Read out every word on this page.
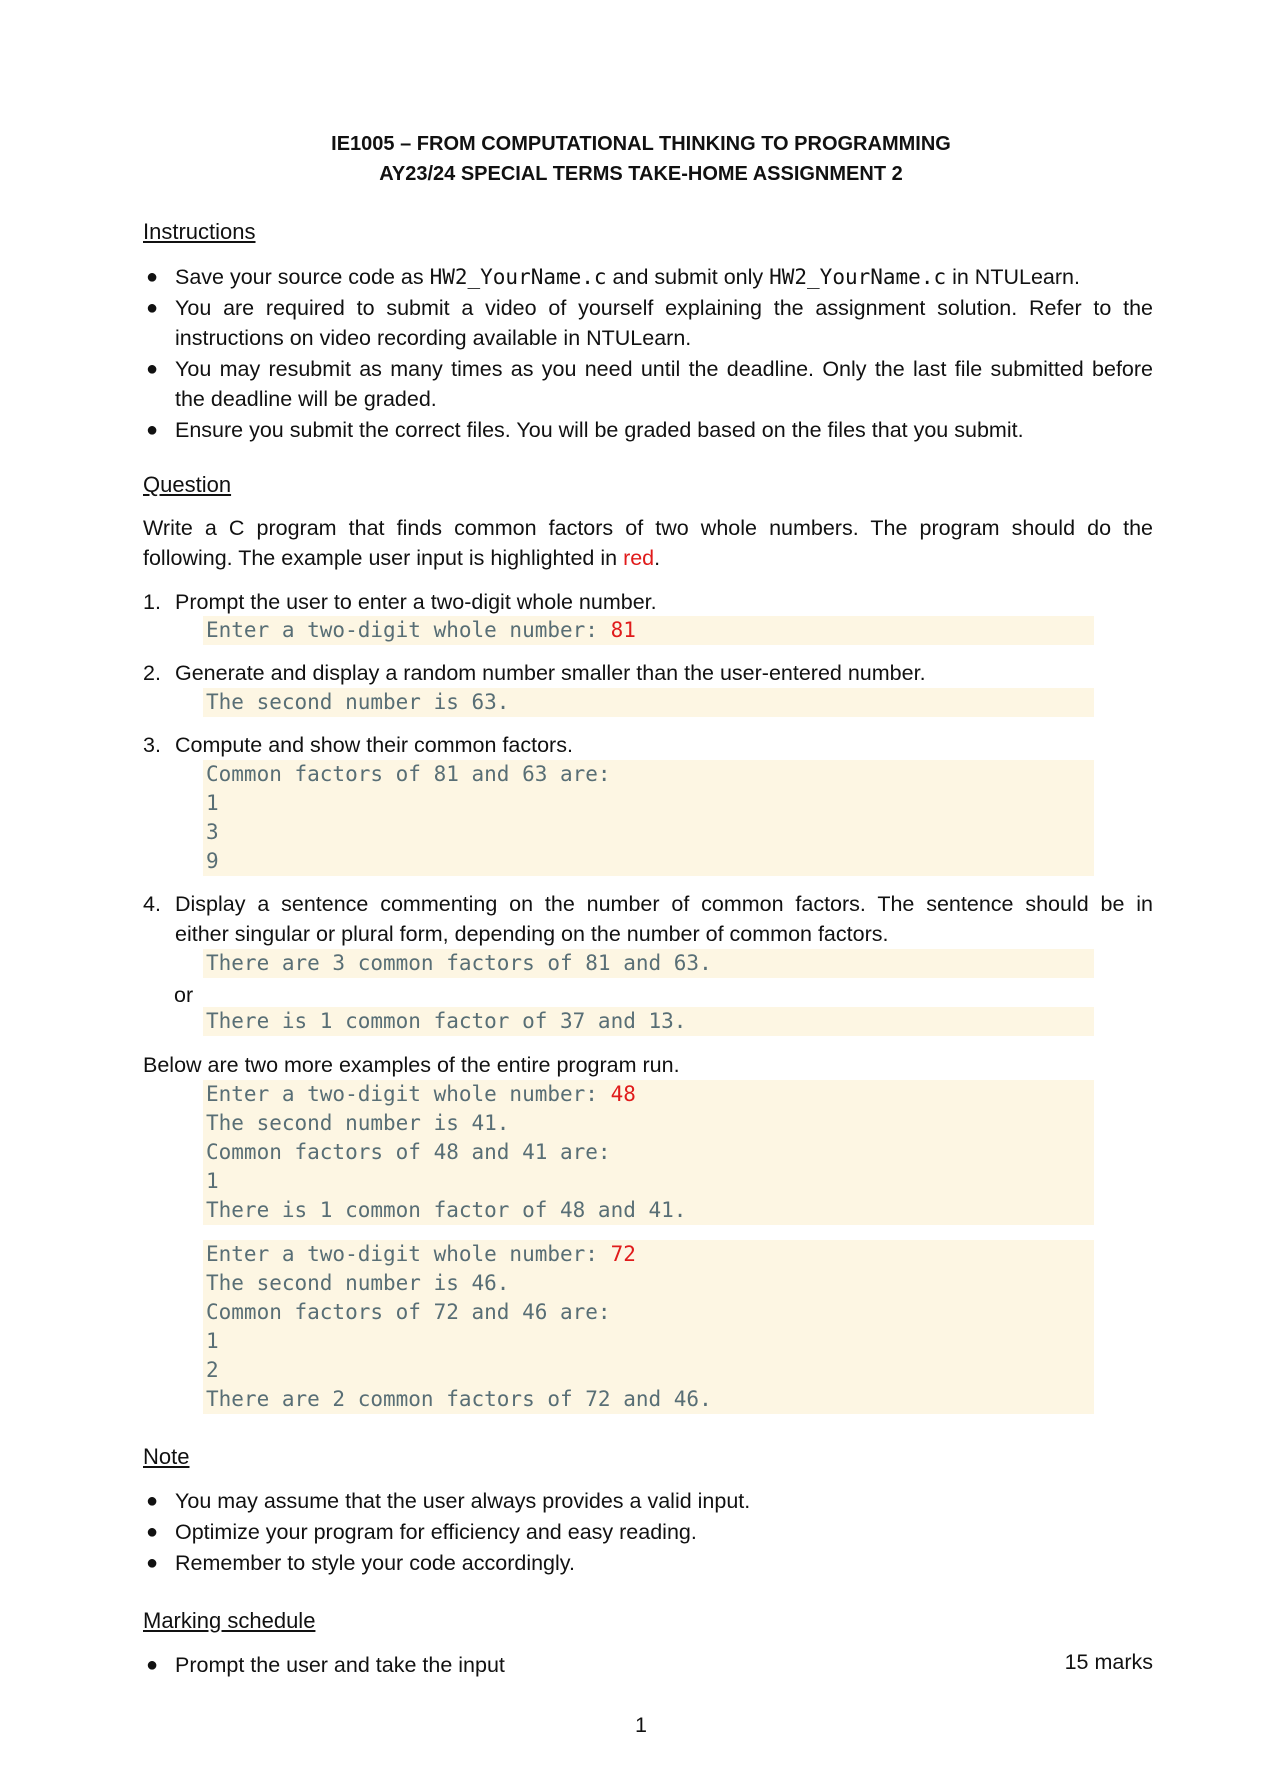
IE1005 – FROM COMPUTATIONAL THINKING TO PROGRAMMING
AY23/24 SPECIAL TERMS TAKE-HOME ASSIGNMENT 2
Instructions
● Save your source code as HW2_YourName.c and submit only HW2_YourName.c in NTULearn.
● You are required to submit a video of yourself explaining the assignment solution. Refer to the
instructions on video recording available in NTULearn.
● You may resubmit as many times as you need until the deadline. Only the last file submitted before
the deadline will be graded.
● Ensure you submit the correct files. You will be graded based on the files that you submit.
Question
Write a C program that finds common factors of two whole numbers. The program should do the
following. The example user input is highlighted in red.
1. Prompt the user to enter a two-digit whole number.
Enter a two-digit whole number: 81
2. Generate and display a random number smaller than the user-entered number.
The second number is 63.
3. Compute and show their common factors.
Common factors of 81 and 63 are:
1
3
9
4. Display a sentence commenting on the number of common factors. The sentence should be in
either singular or plural form, depending on the number of common factors.
There are 3 common factors of 81 and 63.
or
There is 1 common factor of 37 and 13.
Below are two more examples of the entire program run.
Enter a two-digit whole number: 48
The second number is 41.
Common factors of 48 and 41 are:
1
There is 1 common factor of 48 and 41.
Enter a two-digit whole number: 72
The second number is 46.
Common factors of 72 and 46 are:
1
2
There are 2 common factors of 72 and 46.
Note
● You may assume that the user always provides a valid input.
● Optimize your program for efficiency and easy reading.
● Remember to style your code accordingly.
Marking schedule
● Prompt the user and take the input	15 marks
1
